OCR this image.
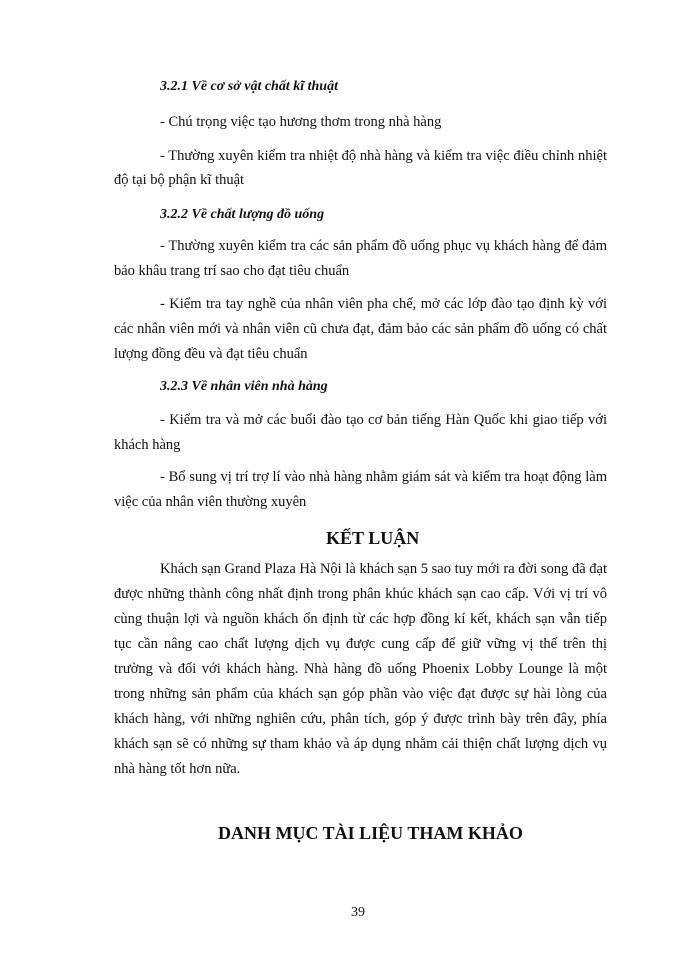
3.2.1 Về cơ sở vật chất kĩ thuật
- Chú trọng việc tạo hương thơm trong nhà hàng
- Thường xuyên kiểm tra nhiệt độ nhà hàng và kiểm tra việc điều chỉnh nhiệt
độ tại bộ phận kĩ thuật
3.2.2 Về chất lượng đồ uống
- Thường xuyên kiểm tra các sản phẩm đồ uống phục vụ khách hàng để đảm
bảo khâu trang trí sao cho đạt tiêu chuẩn
- Kiểm tra tay nghề của nhân viên pha chế, mở các lớp đào tạo định kỳ với
các nhân viên mới và nhân viên cũ chưa đạt, đảm bảo các sản phẩm đồ uống có chất
lượng đồng đều và đạt tiêu chuẩn
3.2.3 Về nhân viên nhà hàng
- Kiểm tra và mở các buổi đào tạo cơ bản tiếng Hàn Quốc khi giao tiếp với
khách hàng
- Bổ sung vị trí trợ lí vào nhà hàng nhằm giám sát và kiểm tra hoạt động làm
việc của nhân viên thường xuyên
KẾT LUẬN
Khách sạn Grand Plaza Hà Nội là khách sạn 5 sao tuy mới ra đời song đã đạt
được những thành công nhất định trong phân khúc khách sạn cao cấp. Với vị trí vô
cùng thuận lợi và nguồn khách ổn định từ các hợp đồng kí kết, khách sạn vẫn tiếp
tục cần nâng cao chất lượng dịch vụ được cung cấp để giữ vững vị thế trên thị
trường và đối với khách hàng. Nhà hàng đồ uống Phoenix Lobby Lounge là một
trong những sản phẩm của khách sạn góp phần vào việc đạt được sự hài lòng của
khách hàng, với những nghiên cứu, phân tích, góp ý được trình bày trên đây, phía
khách sạn sẽ có những sự tham khảo và áp dụng nhằm cải thiện chất lượng dịch vụ
nhà hàng tốt hơn nữa.
DANH MỤC TÀI LIỆU THAM KHẢO
39
